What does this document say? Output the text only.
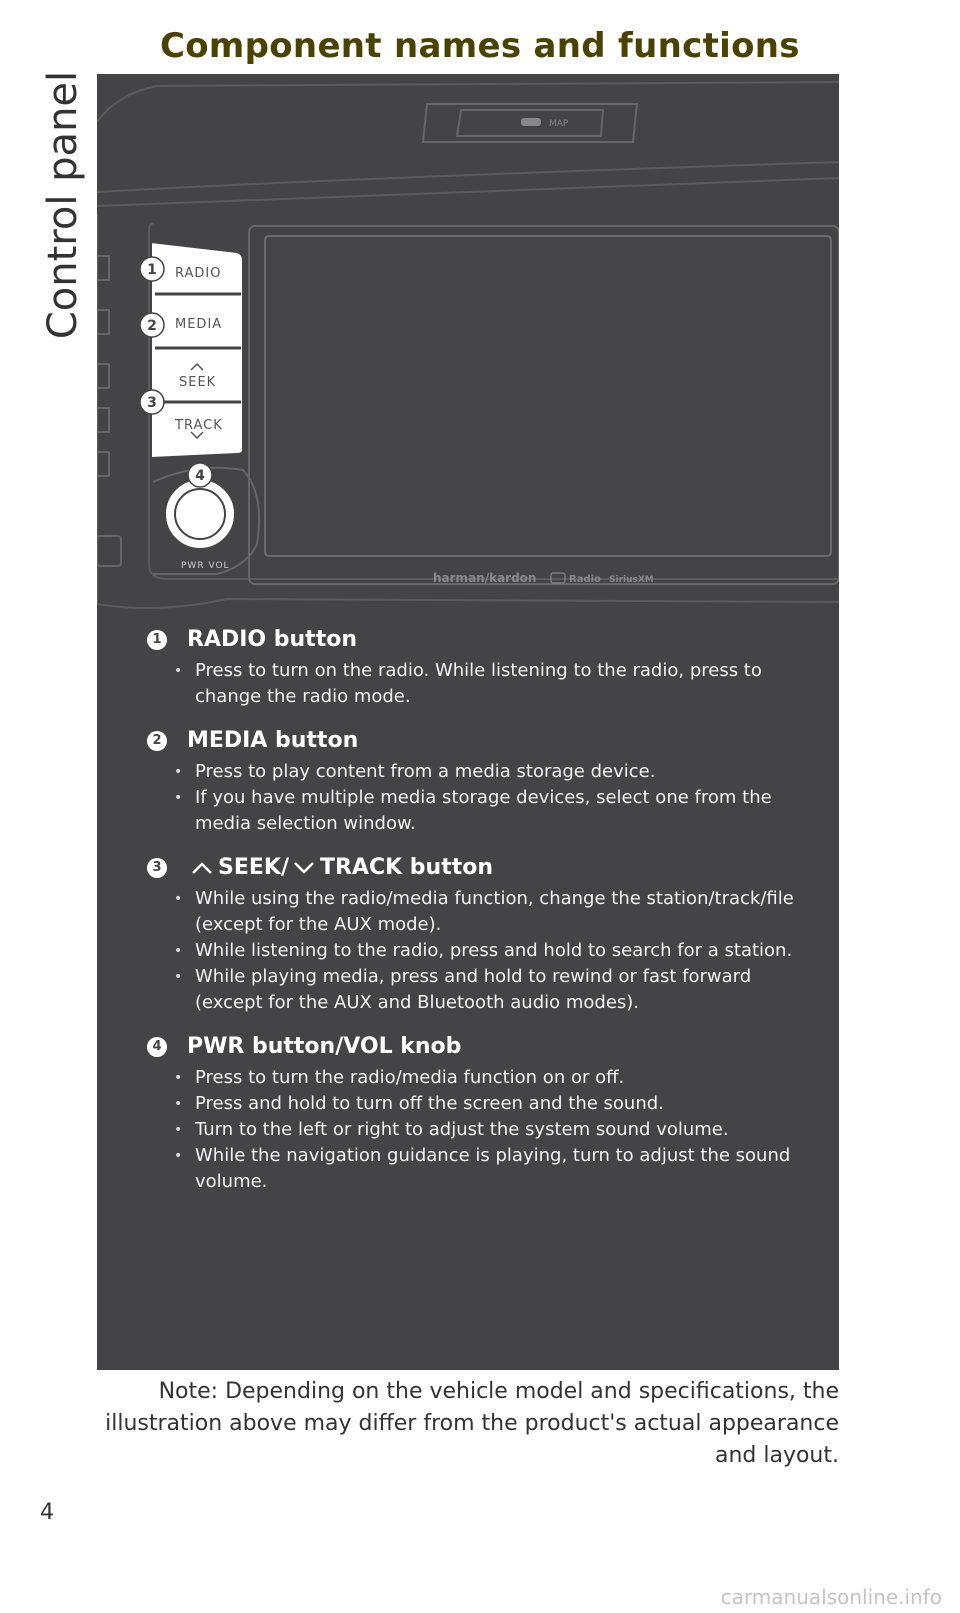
Component names and functions
Control panel	MAP
RADIO
MEDIA
SEEK
TRACK
PWR VOL
harman/kardon	Radio SiriusXM
1
2
3
4
1 RADIO button
• Press to turn on the radio. While listening to the radio, press to change the radio mode.
2 MEDIA button
• Press to play content from a media storage device.
• If you have multiple media storage devices, select one from the media selection window.
3	SEEK/ TRACK button
• While using the radio/media function, change the station/track/file (except for the AUX mode).
• While listening to the radio, press and hold to search for a station.
• While playing media, press and hold to rewind or fast forward (except for the AUX and Bluetooth audio modes).
4 PWR button/VOL knob
• Press to turn the radio/media function on or off.
• Press and hold to turn off the screen and the sound.
• Turn to the left or right to adjust the system sound volume.
• While the navigation guidance is playing, turn to adjust the sound volume.
Note: Depending on the vehicle model and specifications, the illustration above may differ from the product's actual appearance and layout.
4
carmanualsonline.info
